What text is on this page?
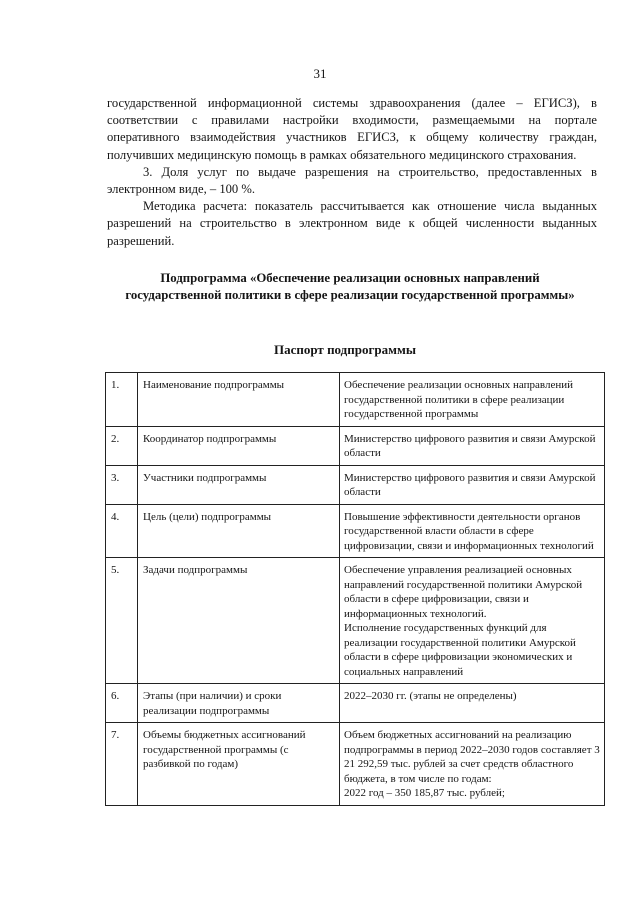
31

государственной информационной системы здравоохранения (далее – ЕГИСЗ), в соответствии с правилами настройки входимости, размещаемыми на портале оперативного взаимодействия участников ЕГИСЗ, к общему количеству граждан, получивших медицинскую помощь в рамках обязательного медицинского страхования.

3. Доля услуг по выдаче разрешения на строительство, предоставленных в электронном виде, – 100 %.

Методика расчета: показатель рассчитывается как отношение числа выданных разрешений на строительство в электронном виде к общей численности выданных разрешений.

Подпрограмма «Обеспечение реализации основных направлений государственной политики в сфере реализации государственной программы»
Паспорт подпрограммы
1.	Наименование подпрограммы	Обеспечение реализации основных направлений государственной политики в сфере реализации государственной программы

2.	Координатор подпрограммы	Министерство цифрового развития и связи Амурской области

3.	Участники подпрограммы	Министерство цифрового развития и связи Амурской области

4.	Цель (цели) подпрограммы	Повышение эффективности деятельности органов государственной власти области в сфере цифровизации, связи и информационных технологий

5.	Задачи подпрограммы	Обеспечение управления реализацией основных направлений государственной политики Амурской области в сфере цифровизации, связи и информационных технологий.

Исполнение государственных функций для реализации государственной политики Амурской области в сфере цифровизации экономических и социальных направлений

6.	Этапы (при наличии) и сроки реализации подпрограммы	2022–2030 гг. (этапы не определены)

7.	Объемы бюджетных ассигнований государственной программы (с разбивкой по годам)	Объем бюджетных ассигнований на реализацию подпрограммы в период 2022–2030 годов составляет 3 21 292,59 тыс. рублей за счет средств областного бюджета, в том числе по годам:

2022 год – 350 185,87 тыс. рублей;
